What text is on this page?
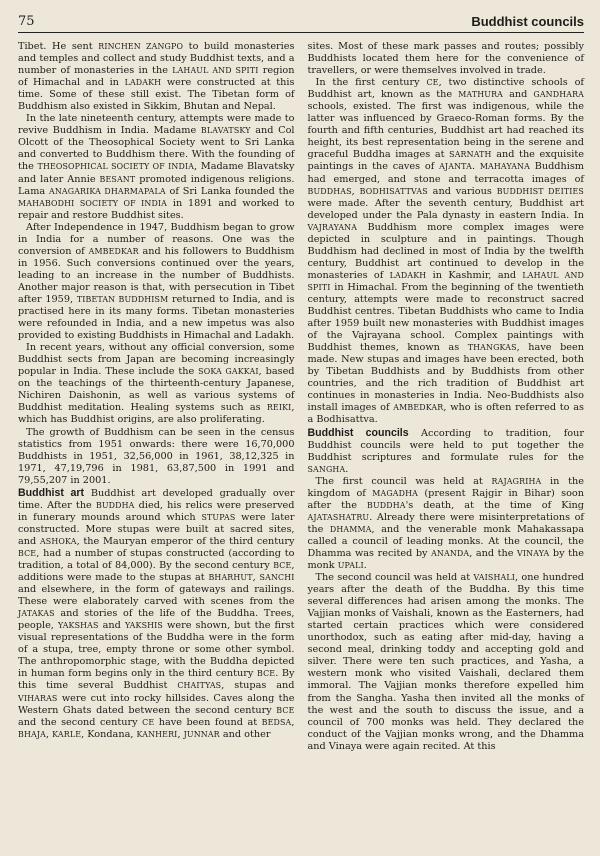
75	Buddhist councils

Tibet. He sent RINCHEN ZANGPO to build monasteries and temples and collect and study Buddhist texts, and a number of monasteries in the LAHAUL AND SPITI region of Himachal and in LADAKH were constructed at this time. Some of these still exist. The Tibetan form of Buddhism also existed in Sikkim, Bhutan and Nepal.

In the late nineteenth century, attempts were made to revive Buddhism in India. Madame BLAVATSKY and Col Olcott of the Theosophical Society went to Sri Lanka and converted to Buddhism there. With the founding of the THEOSOPHICAL SOCIETY OF INDIA, Madame Blavatsky and later Annie BESANT promoted indigenous religions. Lama ANAGARIKA DHARMAPALA of Sri Lanka founded the MAHABODHI SOCIETY OF INDIA in 1891 and worked to repair and restore Buddhist sites.

After Independence in 1947, Buddhism began to grow in India for a number of reasons. One was the conversion of AMBEDKAR and his followers to Buddhism in 1956. Such conversions continued over the years, leading to an increase in the number of Buddhists. Another major reason is that, with persecution in Tibet after 1959, TIBETAN BUDDHISM returned to India, and is practised here in its many forms. Tibetan monasteries were refounded in India, and a new impetus was also provided to existing Buddhists in Himachal and Ladakh.

In recent years, without any official conversion, some Buddhist sects from Japan are becoming increasingly popular in India. These include the SOKA GAKKAI, based on the teachings of the thirteenth-century Japanese, Nichiren Daishonin, as well as various systems of Buddhist meditation. Healing systems such as REIKI, which has Buddhist origins, are also proliferating.

The growth of Buddhism can be seen in the census statistics from 1951 onwards: there were 16,70,000 Buddhists in 1951, 32,56,000 in 1961, 38,12,325 in 1971, 47,19,796 in 1981, 63,87,500 in 1991 and 79,55,207 in 2001.

Buddhist art Buddhist art developed gradually over time. After the BUDDHA died, his relics were preserved in funerary mounds around which STUPAS were later constructed. More stupas were built at sacred sites, and ASHOKA, the Mauryan emperor of the third century BCE, had a number of stupas constructed (according to tradition, a total of 84,000). By the second century BCE, additions were made to the stupas at BHARHUT, SANCHI and elsewhere, in the form of gateways and railings. These were elaborately carved with scenes from the JATAKAS and stories of the life of the Buddha. Trees, people, YAKSHAS and YAKSHIS were shown, but the first visual representations of the Buddha were in the form of a stupa, tree, empty throne or some other symbol. The anthropomorphic stage, with the Buddha depicted in human form begins only in the third century BCE. By this time several Buddhist CHAITYAS, stupas and VIHARAS were cut into rocky hillsides. Caves along the Western Ghats dated between the second century BCE and the second century CE have been found at BEDSA, BHAJA, KARLE, Kondana, KANHERI, JUNNAR and other

sites. Most of these mark passes and routes; possibly Buddhists located them here for the convenience of travellers, or were themselves involved in trade.

In the first century CE, two distinctive schools of Buddhist art, known as the MATHURA and GANDHARA schools, existed. The first was indigenous, while the latter was influenced by Graeco-Roman forms. By the fourth and fifth centuries, Buddhist art had reached its height, its best representation being in the serene and graceful Buddha images at SARNATH and the exquisite paintings in the caves of AJANTA. MAHAYANA Buddhism had emerged, and stone and terracotta images of BUDDHAS, BODHISATTVAS and various BUDDHIST DEITIES were made. After the seventh century, Buddhist art developed under the Pala dynasty in eastern India. In VAJRAYANA Buddhism more complex images were depicted in sculpture and in paintings. Though Buddhism had declined in most of India by the twelfth century, Buddhist art continued to develop in the monasteries of LADAKH in Kashmir, and LAHAUL AND SPITI in Himachal. From the beginning of the twentieth century, attempts were made to reconstruct sacred Buddhist centres. Tibetan Buddhists who came to India after 1959 built new monasteries with Buddhist images of the Vajrayana school. Complex paintings with Buddhist themes, known as THANGKAS, have been made. New stupas and images have been erected, both by Tibetan Buddhists and by Buddhists from other countries, and the rich tradition of Buddhist art continues in monasteries in India. Neo-Buddhists also install images of AMBEDKAR, who is often referred to as a Bodhisattva.

Buddhist councils According to tradition, four Buddhist councils were held to put together the Buddhist scriptures and formulate rules for the SANGHA.

The first council was held at RAJAGRIHA in the kingdom of MAGADHA (present Rajgir in Bihar) soon after the BUDDHA's death, at the time of King AJATASHATRU. Already there were misinterpretations of the DHAMMA, and the venerable monk Mahakassapa called a council of leading monks. At the council, the Dhamma was recited by ANANDA, and the VINAYA by the monk UPALI.

The second council was held at VAISHALI, one hundred years after the death of the Buddha. By this time several differences had arisen among the monks. The Vajjian monks of Vaishali, known as the Easterners, had started certain practices which were considered unorthodox, such as eating after mid-day, having a second meal, drinking toddy and accepting gold and silver. There were ten such practices, and Yasha, a western monk who visited Vaishali, declared them immoral. The Vajjian monks therefore expelled him from the Sangha. Yasha then invited all the monks of the west and the south to discuss the issue, and a council of 700 monks was held. They declared the conduct of the Vajjian monks wrong, and the Dhamma and Vinaya were again recited. At this
